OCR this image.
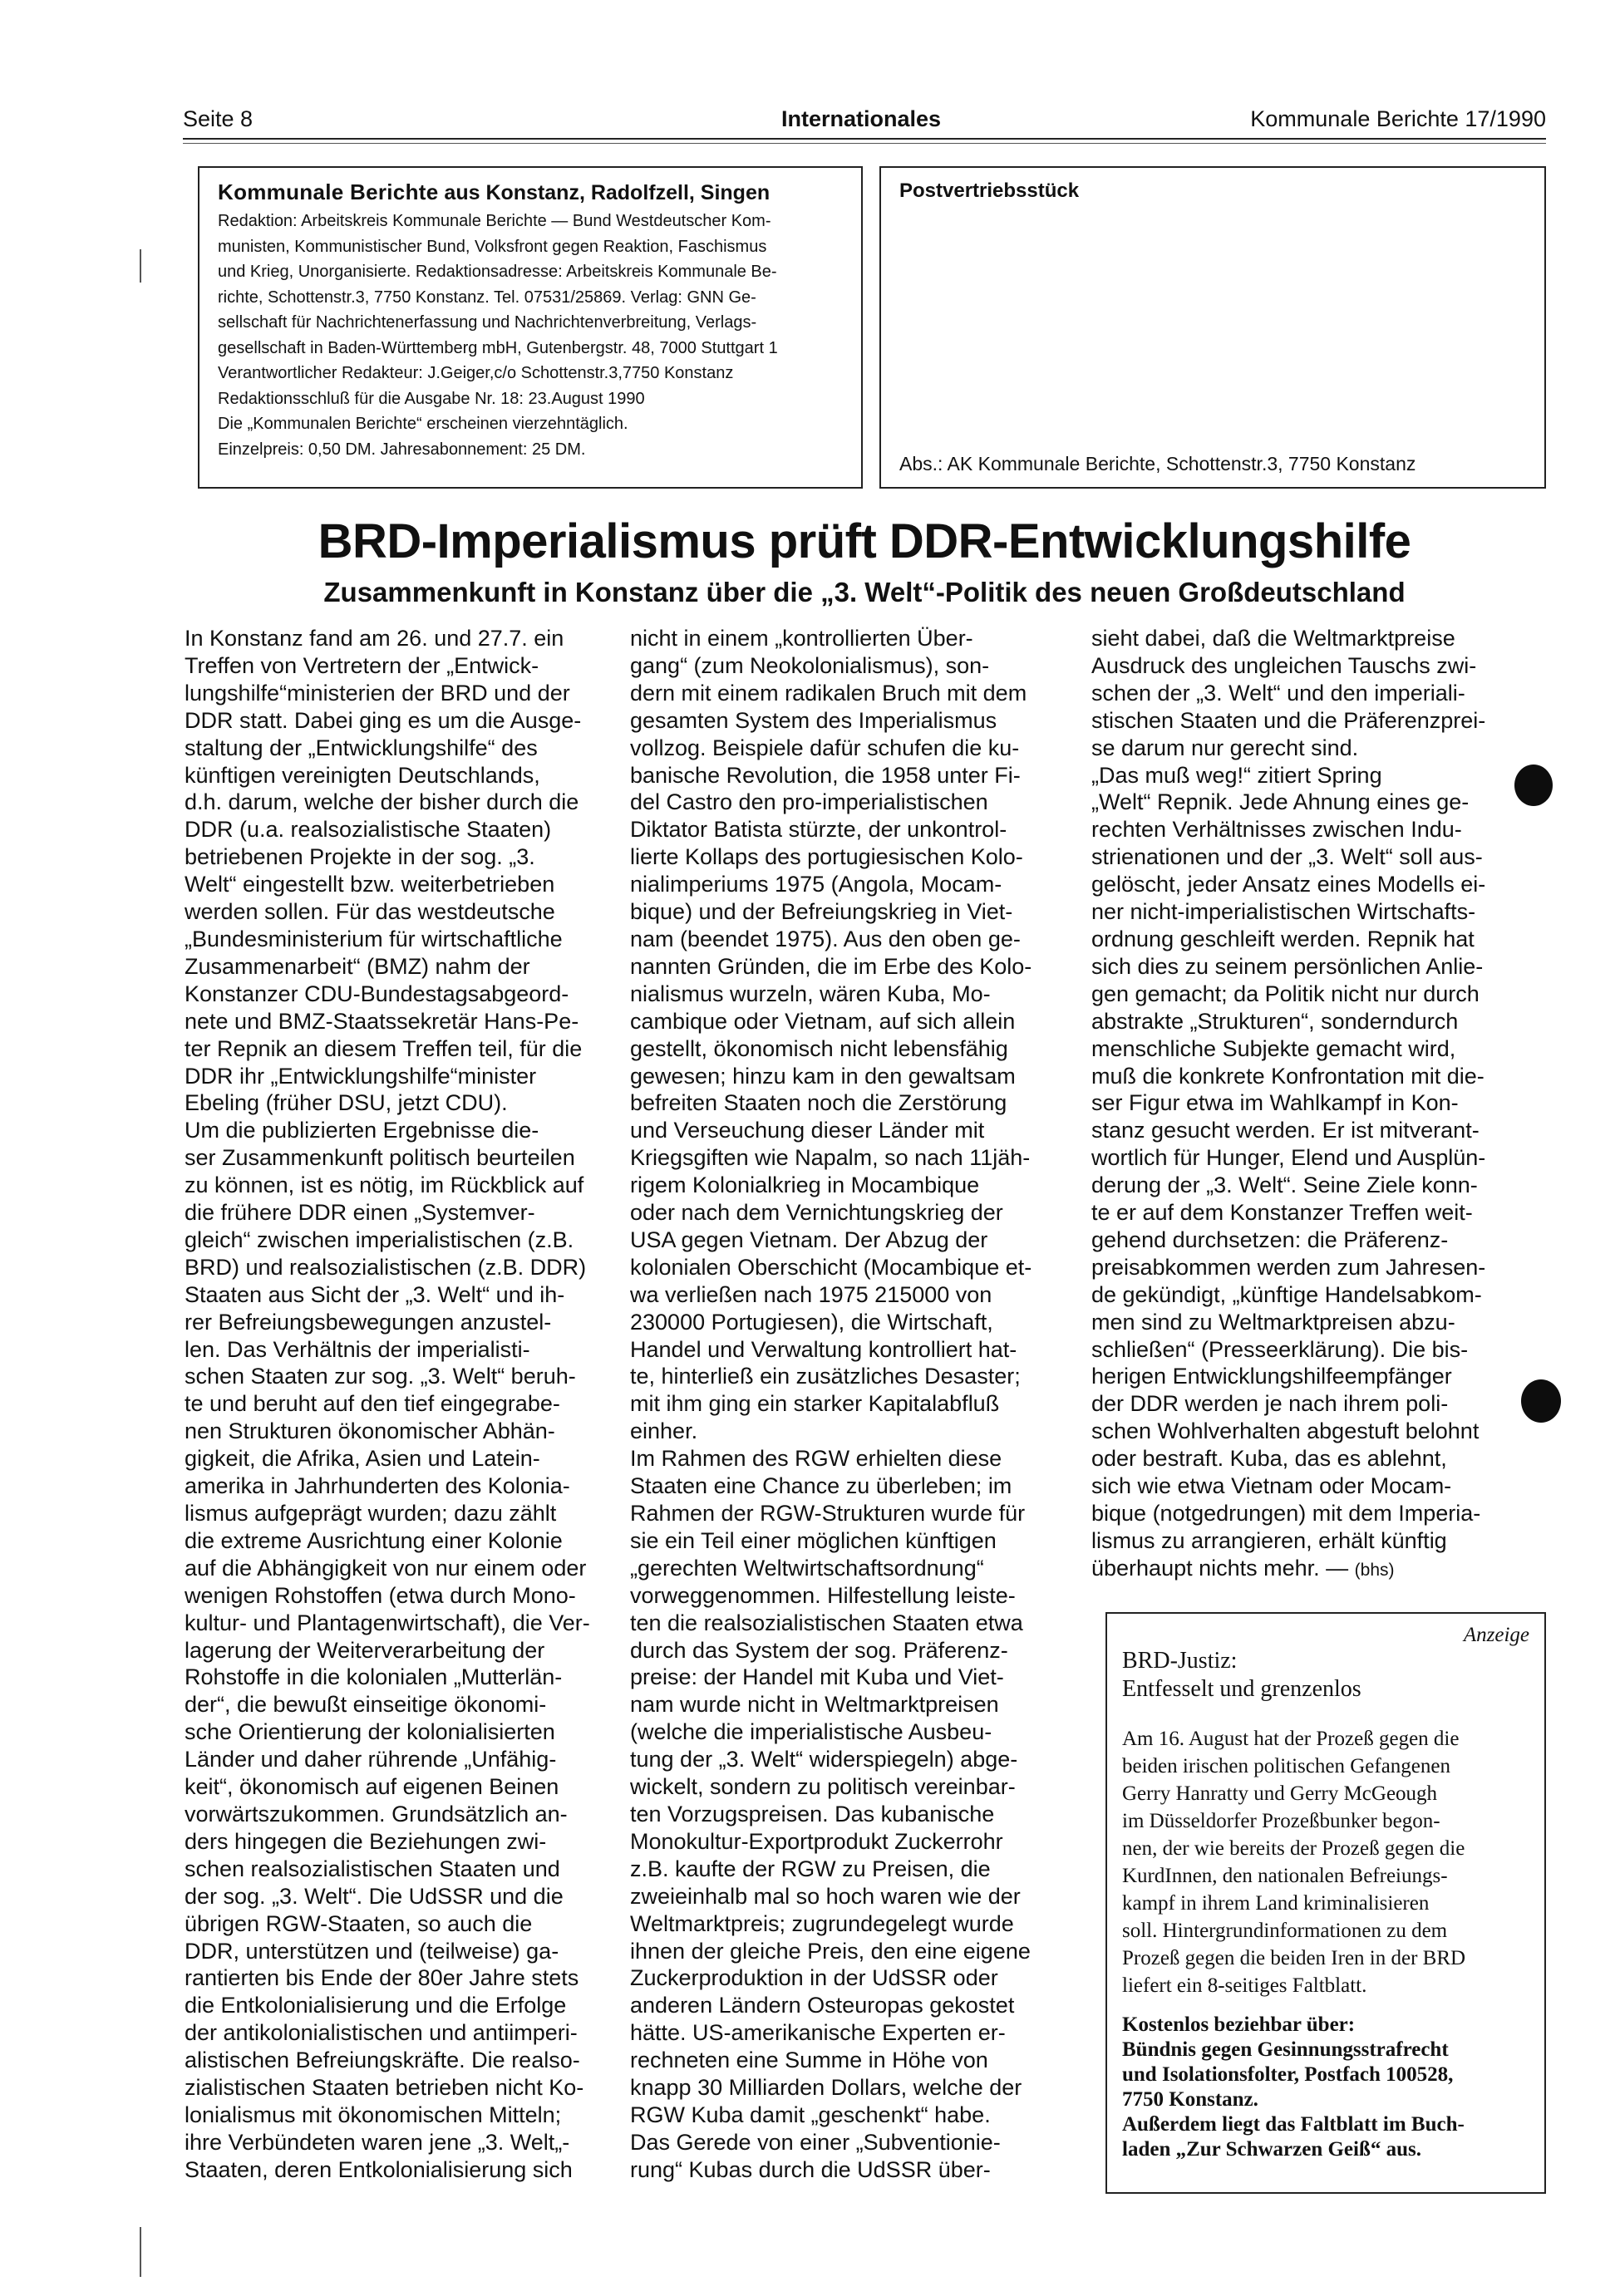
Seite 8	Internationales	Kommunale Berichte 17/1990
Kommunale Berichte aus Konstanz, Radolfzell, Singen
Redaktion: Arbeitskreis Kommunale Berichte — Bund Westdeutscher Kom-
munisten, Kommunistischer Bund, Volksfront gegen Reaktion, Faschismus
und Krieg, Unorganisierte. Redaktionsadresse: Arbeitskreis Kommunale Be-
richte, Schottenstr.3, 7750 Konstanz. Tel. 07531/25869. Verlag: GNN Ge-
sellschaft für Nachrichtenerfassung und Nachrichtenverbreitung, Verlags-
gesellschaft in Baden-Württemberg mbH, Gutenbergstr. 48, 7000 Stuttgart 1
Verantwortlicher Redakteur: J.Geiger,c/o Schottenstr.3,7750 Konstanz
Redaktionsschluß für die Ausgabe Nr. 18: 23.August 1990
Die „Kommunalen Berichte“ erscheinen vierzehntäglich.
Einzelpreis: 0,50 DM. Jahresabonnement: 25 DM.
Postvertriebsstück
Abs.: AK Kommunale Berichte, Schottenstr.3, 7750 Konstanz
BRD-Imperialismus prüft DDR-Entwicklungshilfe
Zusammenkunft in Konstanz über die „3. Welt“-Politik des neuen Großdeutschland
In Konstanz fand am 26. und 27.7. ein
Treffen von Vertretern der „Entwick-
lungshilfe“ministerien der BRD und der
DDR statt. Dabei ging es um die Ausge-
staltung der „Entwicklungshilfe“ des
künftigen vereinigten Deutschlands,
d.h. darum, welche der bisher durch die
DDR (u.a. realsozialistische Staaten)
betriebenen Projekte in der sog. „3.
Welt“ eingestellt bzw. weiterbetrieben
werden sollen. Für das westdeutsche
„Bundesministerium für wirtschaftliche
Zusammenarbeit“ (BMZ) nahm der
Konstanzer CDU-Bundestagsabgeord-
nete und BMZ-Staatssekretär Hans-Pe-
ter Repnik an diesem Treffen teil, für die
DDR ihr „Entwicklungshilfe“minister
Ebeling (früher DSU, jetzt CDU).
Um die publizierten Ergebnisse die-
ser Zusammenkunft politisch beurteilen
zu können, ist es nötig, im Rückblick auf
die frühere DDR einen „Systemver-
gleich“ zwischen imperialistischen (z.B.
BRD) und realsozialistischen (z.B. DDR)
Staaten aus Sicht der „3. Welt“ und ih-
rer Befreiungsbewegungen anzustel-
len. Das Verhältnis der imperialisti-
schen Staaten zur sog. „3. Welt“ beruh-
te und beruht auf den tief eingegrabe-
nen Strukturen ökonomischer Abhän-
gigkeit, die Afrika, Asien und Latein-
amerika in Jahrhunderten des Kolonia-
lismus aufgeprägt wurden; dazu zählt
die extreme Ausrichtung einer Kolonie
auf die Abhängigkeit von nur einem oder
wenigen Rohstoffen (etwa durch Mono-
kultur- und Plantagenwirtschaft), die Ver-
lagerung der Weiterverarbeitung der
Rohstoffe in die kolonialen „Mutterlän-
der“, die bewußt einseitige ökonomi-
sche Orientierung der kolonialisierten
Länder und daher rührende „Unfähig-
keit“, ökonomisch auf eigenen Beinen
vorwärtszukommen. Grundsätzlich an-
ders hingegen die Beziehungen zwi-
schen realsozialistischen Staaten und
der sog. „3. Welt“. Die UdSSR und die
übrigen RGW-Staaten, so auch die
DDR, unterstützen und (teilweise) ga-
rantierten bis Ende der 80er Jahre stets
die Entkolonialisierung und die Erfolge
der antikolonialistischen und antiimperi-
alistischen Befreiungskräfte. Die realso-
zialistischen Staaten betrieben nicht Ko-
lonialismus mit ökonomischen Mitteln;
ihre Verbündeten waren jene „3. Welt„-
Staaten, deren Entkolonialisierung sich
nicht in einem „kontrollierten Über-
gang“ (zum Neokolonialismus), son-
dern mit einem radikalen Bruch mit dem
gesamten System des Imperialismus
vollzog. Beispiele dafür schufen die ku-
banische Revolution, die 1958 unter Fi-
del Castro den pro-imperialistischen
Diktator Batista stürzte, der unkontrol-
lierte Kollaps des portugiesischen Kolo-
nialimperiums 1975 (Angola, Mocam-
bique) und der Befreiungskrieg in Viet-
nam (beendet 1975). Aus den oben ge-
nannten Gründen, die im Erbe des Kolo-
nialismus wurzeln, wären Kuba, Mo-
cambique oder Vietnam, auf sich allein
gestellt, ökonomisch nicht lebensfähig
gewesen; hinzu kam in den gewaltsam
befreiten Staaten noch die Zerstörung
und Verseuchung dieser Länder mit
Kriegsgiften wie Napalm, so nach 11jäh-
rigem Kolonialkrieg in Mocambique
oder nach dem Vernichtungskrieg der
USA gegen Vietnam. Der Abzug der
kolonialen Oberschicht (Mocambique et-
wa verließen nach 1975 215000 von
230000 Portugiesen), die Wirtschaft,
Handel und Verwaltung kontrolliert hat-
te, hinterließ ein zusätzliches Desaster;
mit ihm ging ein starker Kapitalabfluß
einher.
Im Rahmen des RGW erhielten diese
Staaten eine Chance zu überleben; im
Rahmen der RGW-Strukturen wurde für
sie ein Teil einer möglichen künftigen
„gerechten Weltwirtschaftsordnung“
vorweggenommen. Hilfestellung leiste-
ten die realsozialistischen Staaten etwa
durch das System der sog. Präferenz-
preise: der Handel mit Kuba und Viet-
nam wurde nicht in Weltmarktpreisen
(welche die imperialistische Ausbeu-
tung der „3. Welt“ widerspiegeln) abge-
wickelt, sondern zu politisch vereinbar-
ten Vorzugspreisen. Das kubanische
Monokultur-Exportprodukt Zuckerrohr
z.B. kaufte der RGW zu Preisen, die
zweieinhalb mal so hoch waren wie der
Weltmarktpreis; zugrundegelegt wurde
ihnen der gleiche Preis, den eine eigene
Zuckerproduktion in der UdSSR oder
anderen Ländern Osteuropas gekostet
hätte. US-amerikanische Experten er-
rechneten eine Summe in Höhe von
knapp 30 Milliarden Dollars, welche der
RGW Kuba damit „geschenkt“ habe.
Das Gerede von einer „Subventionie-
rung“ Kubas durch die UdSSR über-
sieht dabei, daß die Weltmarktpreise
Ausdruck des ungleichen Tauschs zwi-
schen der „3. Welt“ und den imperiali-
stischen Staaten und die Präferenzprei-
se darum nur gerecht sind.
„Das muß weg!“ zitiert Spring
„Welt“ Repnik. Jede Ahnung eines ge-
rechten Verhältnisses zwischen Indu-
strienationen und der „3. Welt“ soll aus-
gelöscht, jeder Ansatz eines Modells ei-
ner nicht-imperialistischen Wirtschafts-
ordnung geschleift werden. Repnik hat
sich dies zu seinem persönlichen Anlie-
gen gemacht; da Politik nicht nur durch
abstrakte „Strukturen“, sonderndurch
menschliche Subjekte gemacht wird,
muß die konkrete Konfrontation mit die-
ser Figur etwa im Wahlkampf in Kon-
stanz gesucht werden. Er ist mitverant-
wortlich für Hunger, Elend und Ausplün-
derung der „3. Welt“. Seine Ziele konn-
te er auf dem Konstanzer Treffen weit-
gehend durchsetzen: die Präferenz-
preisabkommen werden zum Jahresen-
de gekündigt, „künftige Handelsabkom-
men sind zu Weltmarktpreisen abzu-
schließen“ (Presseerklärung). Die bis-
herigen Entwicklungshilfeempfänger
der DDR werden je nach ihrem poli-
schen Wohlverhalten abgestuft belohnt
oder bestraft. Kuba, das es ablehnt,
sich wie etwa Vietnam oder Mocam-
bique (notgedrungen) mit dem Imperia-
lismus zu arrangieren, erhält künftig
überhaupt nichts mehr. — (bhs)
Anzeige
BRD-Justiz:
Entfesselt und grenzenlos
Am 16. August hat der Prozeß gegen die
beiden irischen politischen Gefangenen
Gerry Hanratty und Gerry McGeough
im Düsseldorfer Prozeßbunker begon-
nen, der wie bereits der Prozeß gegen die
KurdInnen, den nationalen Befreiungs-
kampf in ihrem Land kriminalisieren
soll. Hintergrundinformationen zu dem
Prozeß gegen die beiden Iren in der BRD
liefert ein 8-seitiges Faltblatt.
Kostenlos beziehbar über:
Bündnis gegen Gesinnungsstrafrecht
und Isolationsfolter, Postfach 100528,
7750 Konstanz.
Außerdem liegt das Faltblatt im Buch-
laden „Zur Schwarzen Geiß“ aus.
